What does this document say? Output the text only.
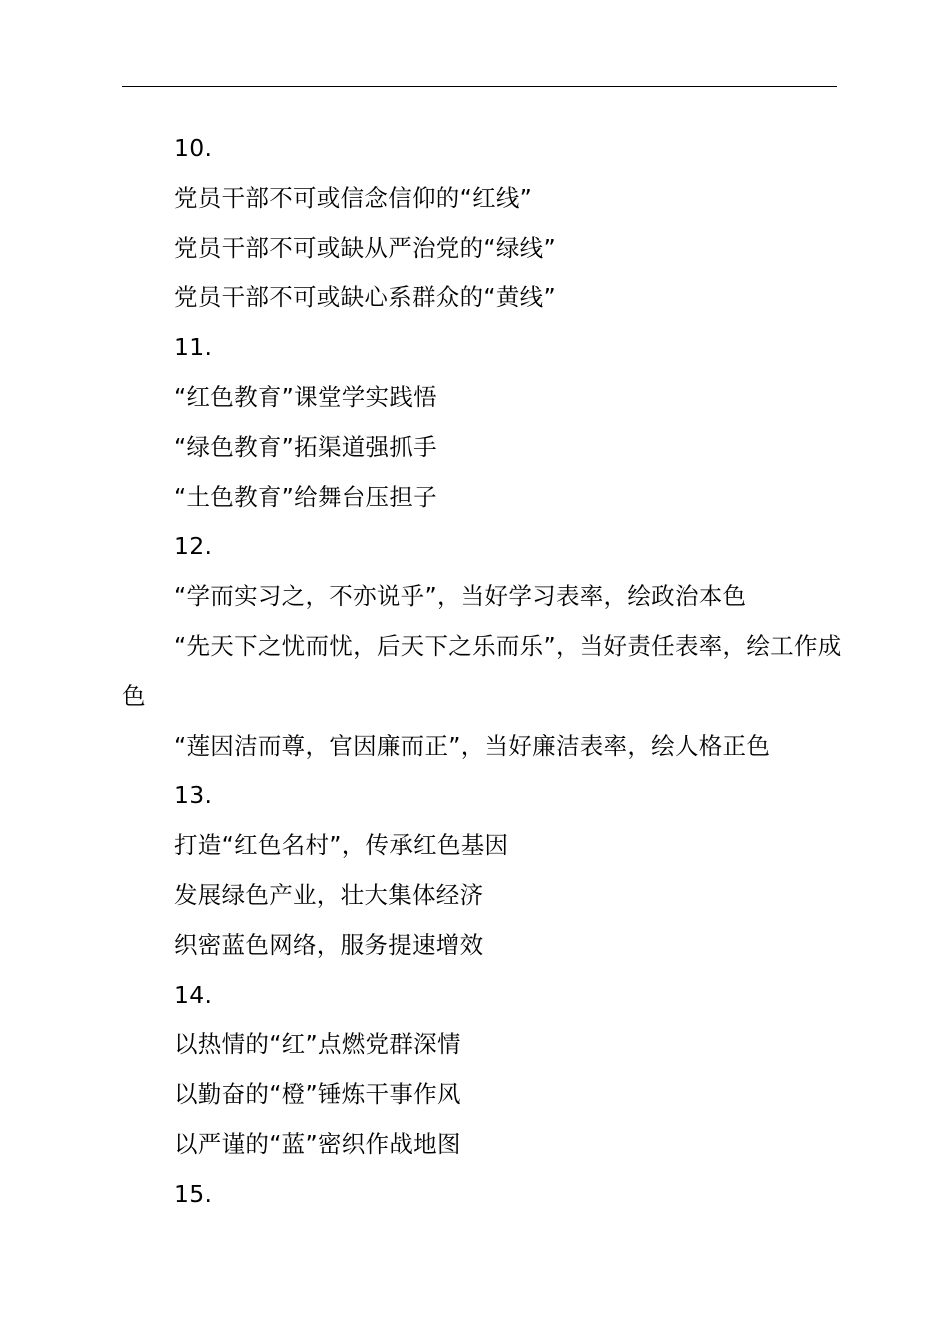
10.

党员干部不可或信念信仰的“红线”

党员干部不可或缺从严治党的“绿线”

党员干部不可或缺心系群众的“黄线”

11.

“红色教育”课堂学实践悟

“绿色教育”拓渠道强抓手

“土色教育”给舞台压担子

12.

“学而实习之，不亦说乎”，当好学习表率，绘政治本色

“先天下之忧而忧，后天下之乐而乐”，当好责任表率，绘工作成色

“莲因洁而尊，官因廉而正”，当好廉洁表率，绘人格正色

13.

打造“红色名村”，传承红色基因

发展绿色产业，壮大集体经济

织密蓝色网络，服务提速增效

14.

以热情的“红”点燃党群深情

以勤奋的“橙”锤炼干事作风

以严谨的“蓝”密织作战地图

15.
